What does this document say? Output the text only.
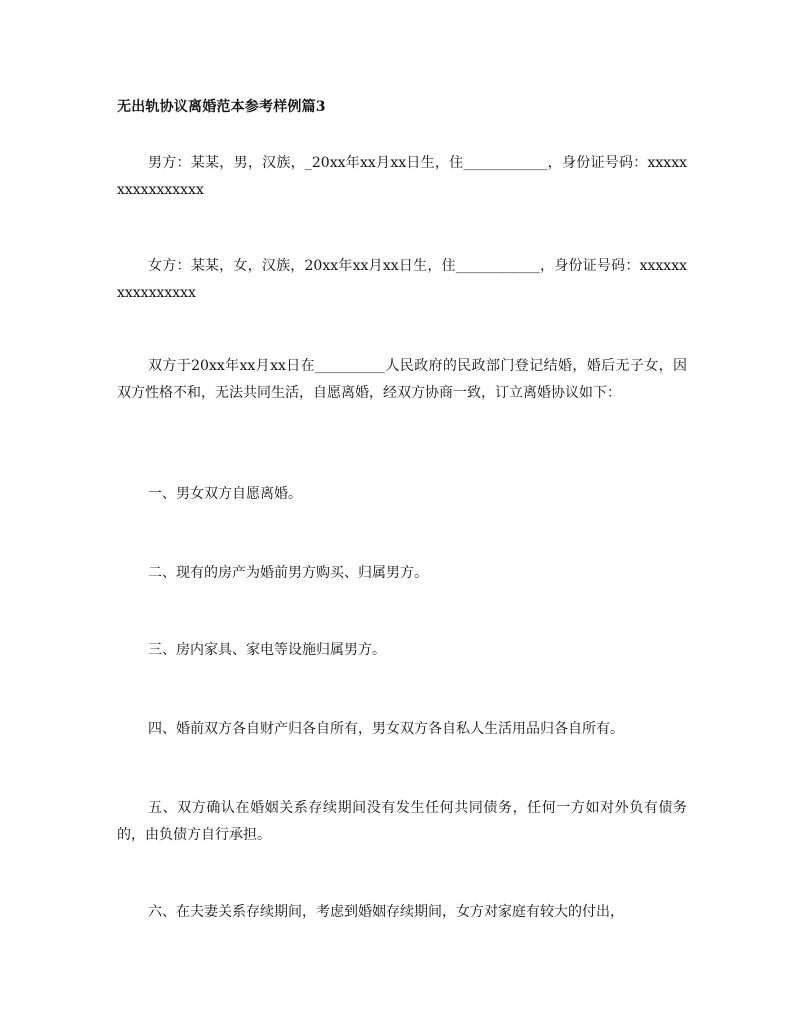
无出轨协议离婚范本参考样例篇3

男方：某某，男，汉族，_20xx年xx月xx日生，住____________，身份证号码：xxxxxxxxxxxxxxxx

女方：某某，女，汉族，20xx年xx月xx日生，住____________，身份证号码：xxxxxxxxxxxxxxxx

双方于20xx年xx月xx日在__________人民政府的民政部门登记结婚，婚后无子女，因双方性格不和，无法共同生活，自愿离婚，经双方协商一致，订立离婚协议如下：

一、男女双方自愿离婚。

二、现有的房产为婚前男方购买、归属男方。

三、房内家具、家电等设施归属男方。

四、婚前双方各自财产归各自所有，男女双方各自私人生活用品归各自所有。

五、双方确认在婚姻关系存续期间没有发生任何共同债务，任何一方如对外负有债务的，由负债方自行承担。

六、在夫妻关系存续期间，考虑到婚姻存续期间，女方对家庭有较大的付出，
